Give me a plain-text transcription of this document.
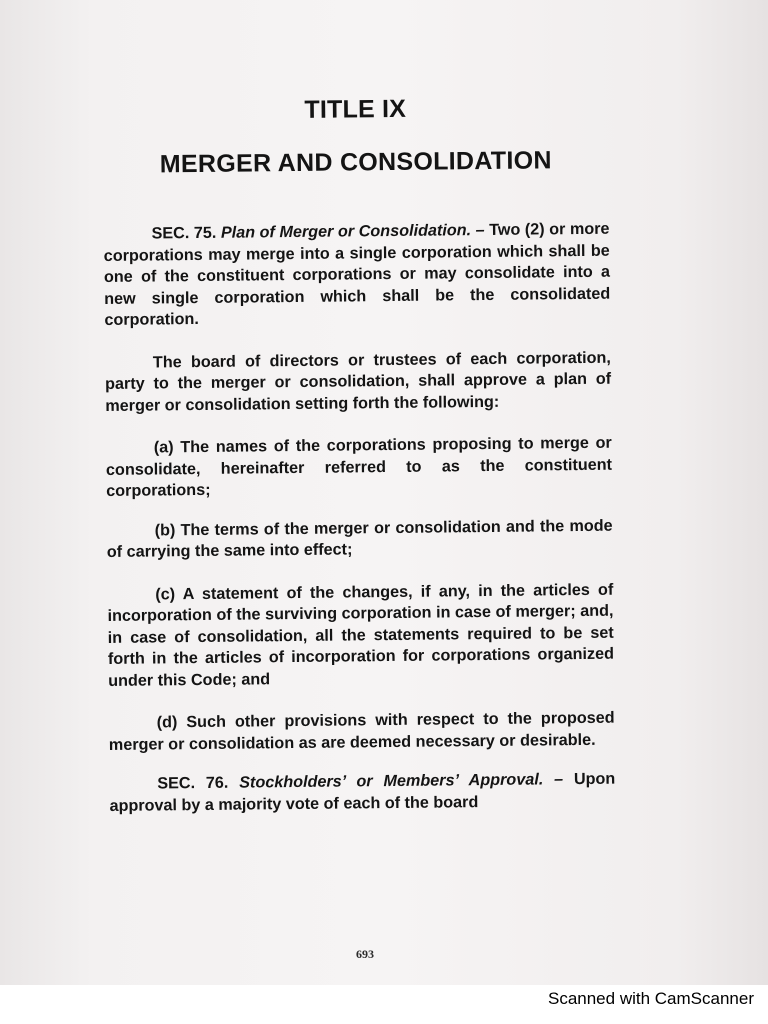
TITLE IX
MERGER AND CONSOLIDATION

SEC. 75. Plan of Merger or Consolidation. – Two (2) or more corporations may merge into a single corporation which shall be one of the constituent corporations or may consolidate into a new single corporation which shall be the consolidated corporation.

The board of directors or trustees of each corporation, party to the merger or consolidation, shall approve a plan of merger or consolidation setting forth the following:

(a) The names of the corporations proposing to merge or consolidate, hereinafter referred to as the constituent corporations;

(b) The terms of the merger or consolidation and the mode of carrying the same into effect;

(c) A statement of the changes, if any, in the articles of incorporation of the surviving corporation in case of merger; and, in case of consolidation, all the statements required to be set forth in the articles of incorporation for corporations organized under this Code; and

(d) Such other provisions with respect to the proposed merger or consolidation as are deemed necessary or desirable.

SEC. 76. Stockholders’ or Members’ Approval. – Upon approval by a majority vote of each of the board

693
Scanned with CamScanner
